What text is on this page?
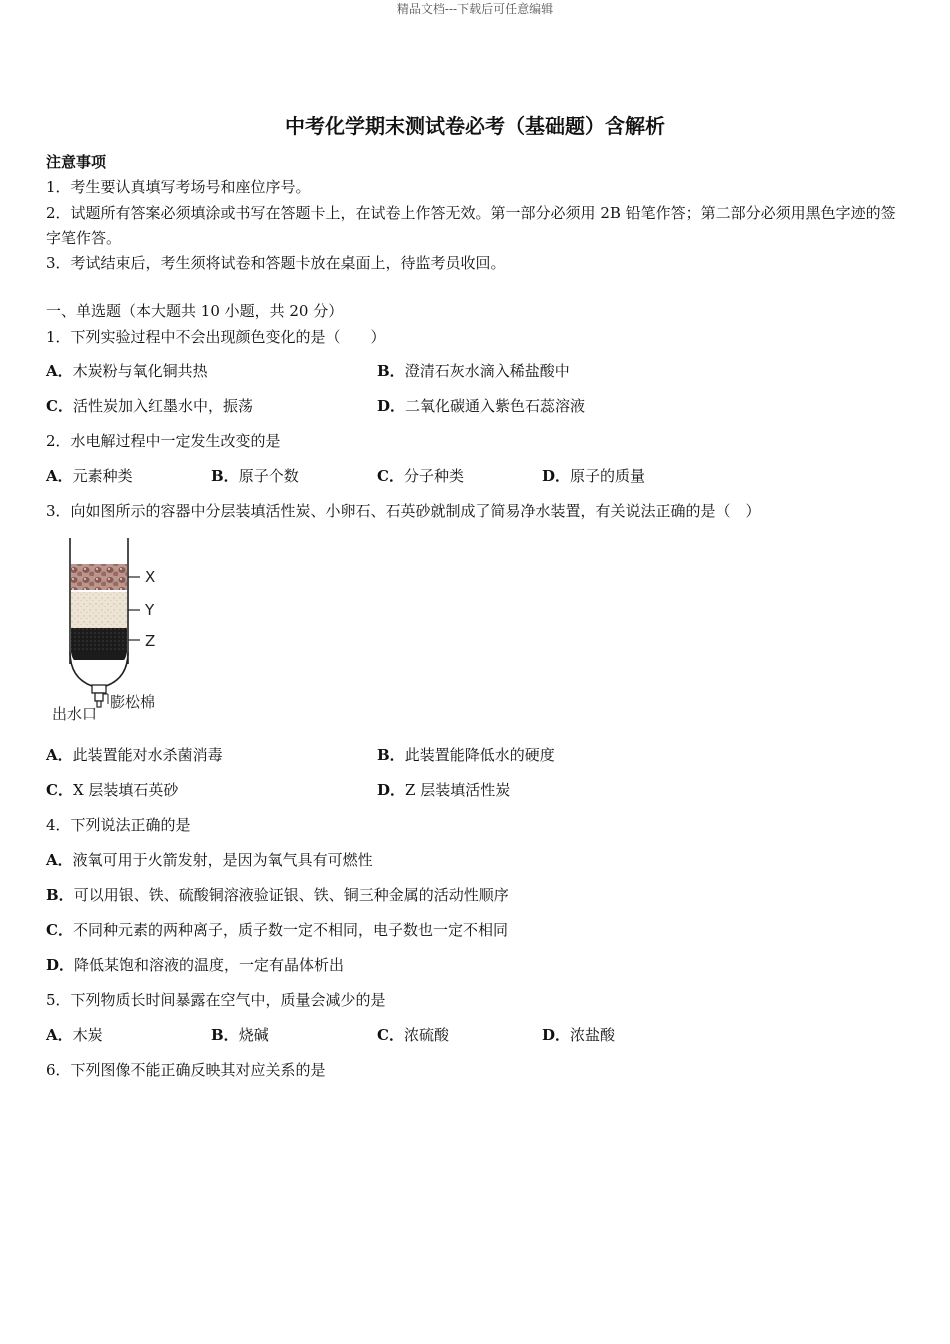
精品文档---下载后可任意编辑
中考化学期末测试卷必考（基础题）含解析
注意事项
1．考生要认真填写考场号和座位序号。
2．试题所有答案必须填涂或书写在答题卡上，在试卷上作答无效。第一部分必须用 2B 铅笔作答；第二部分必须用黑色字迹的签字笔作答。
3．考试结束后，考生须将试卷和答题卡放在桌面上，待监考员收回。
一、单选题（本大题共 10 小题，共 20 分）
1．下列实验过程中不会出现颜色变化的是（　　）
A．木炭粉与氧化铜共热	B．澄清石灰水滴入稀盐酸中
C．活性炭加入红墨水中，振荡	D．二氧化碳通入紫色石蕊溶液
2．水电解过程中一定发生改变的是
A．元素种类	B．原子个数	C．分子种类	D．原子的质量
3．向如图所示的容器中分层装填活性炭、小卵石、石英砂就制成了简易净水装置，有关说法正确的是（　）
X
Y
Z
膨松棉
出水口
A．此装置能对水杀菌消毒	B．此装置能降低水的硬度
C．X 层装填石英砂	D．Z 层装填活性炭
4．下列说法正确的是
A．液氧可用于火箭发射，是因为氧气具有可燃性
B．可以用银、铁、硫酸铜溶液验证银、铁、铜三种金属的活动性顺序
C．不同种元素的两种离子，质子数一定不相同，电子数也一定不相同
D．降低某饱和溶液的温度，一定有晶体析出
5．下列物质长时间暴露在空气中，质量会减少的是
A．木炭	B．烧碱	C．浓硫酸	D．浓盐酸
6．下列图像不能正确反映其对应关系的是
